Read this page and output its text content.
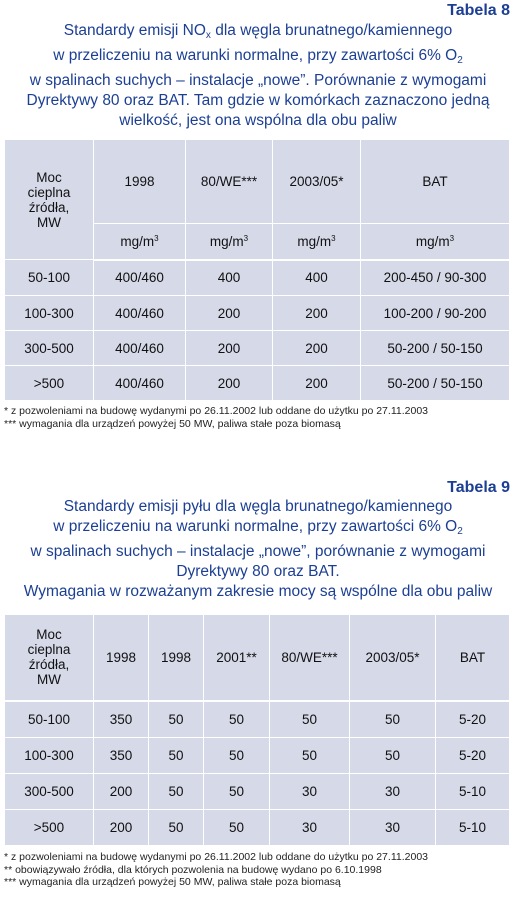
Tabela 8
Standardy emisji $NO_x$ dla węgla brunatnego/kamiennego
w przeliczeniu na warunki normalne, przy zawartości 6% $O_2$
w spalinach suchych – instalacje „nowe”. Porównanie z wymogami
Dyrektywy 80 oraz BAT. Tam gdzie w komórkach zaznaczono jedną
wielkość, jest ona wspólna dla obu paliw
Moc
cieplna
źródła,
MW	1998	80/WE***	2003/05*	BAT
	$mg/m^3$	$mg/m^3$	$mg/m^3$	$mg/m^3$
50-100	400/460	400	400	200-450 / 90-300
100-300	400/460	200	200	100-200 / 90-200
300-500	400/460	200	200	50-200 / 50-150
>500	400/460	200	200	50-200 / 50-150
* z pozwoleniami na budowę wydanymi po 26.11.2002 lub oddane do użytku po 27.11.2003
*** wymagania dla urządzeń powyżej 50 MW, paliwa stałe poza biomasą
Tabela 9
Standardy emisji pyłu dla węgla brunatnego/kamiennego
w przeliczeniu na warunki normalne, przy zawartości 6% $O_2$
w spalinach suchych – instalacje „nowe”, porównanie z wymogami
Dyrektywy 80 oraz BAT.
Wymagania w rozważanym zakresie mocy są wspólne dla obu paliw
Moc
cieplna
źródła,
MW	1998	1998	2001**	80/WE***	2003/05*	BAT
50-100	350	50	50	50	50	5-20
100-300	350	50	50	50	50	5-20
300-500	200	50	50	30	30	5-10
>500	200	50	50	30	30	5-10
* z pozwoleniami na budowę wydanymi po 26.11.2002 lub oddane do użytku po 27.11.2003
** obowiązywało źródła, dla których pozwolenia na budowę wydano po 6.10.1998
*** wymagania dla urządzeń powyżej 50 MW, paliwa stałe poza biomasą
